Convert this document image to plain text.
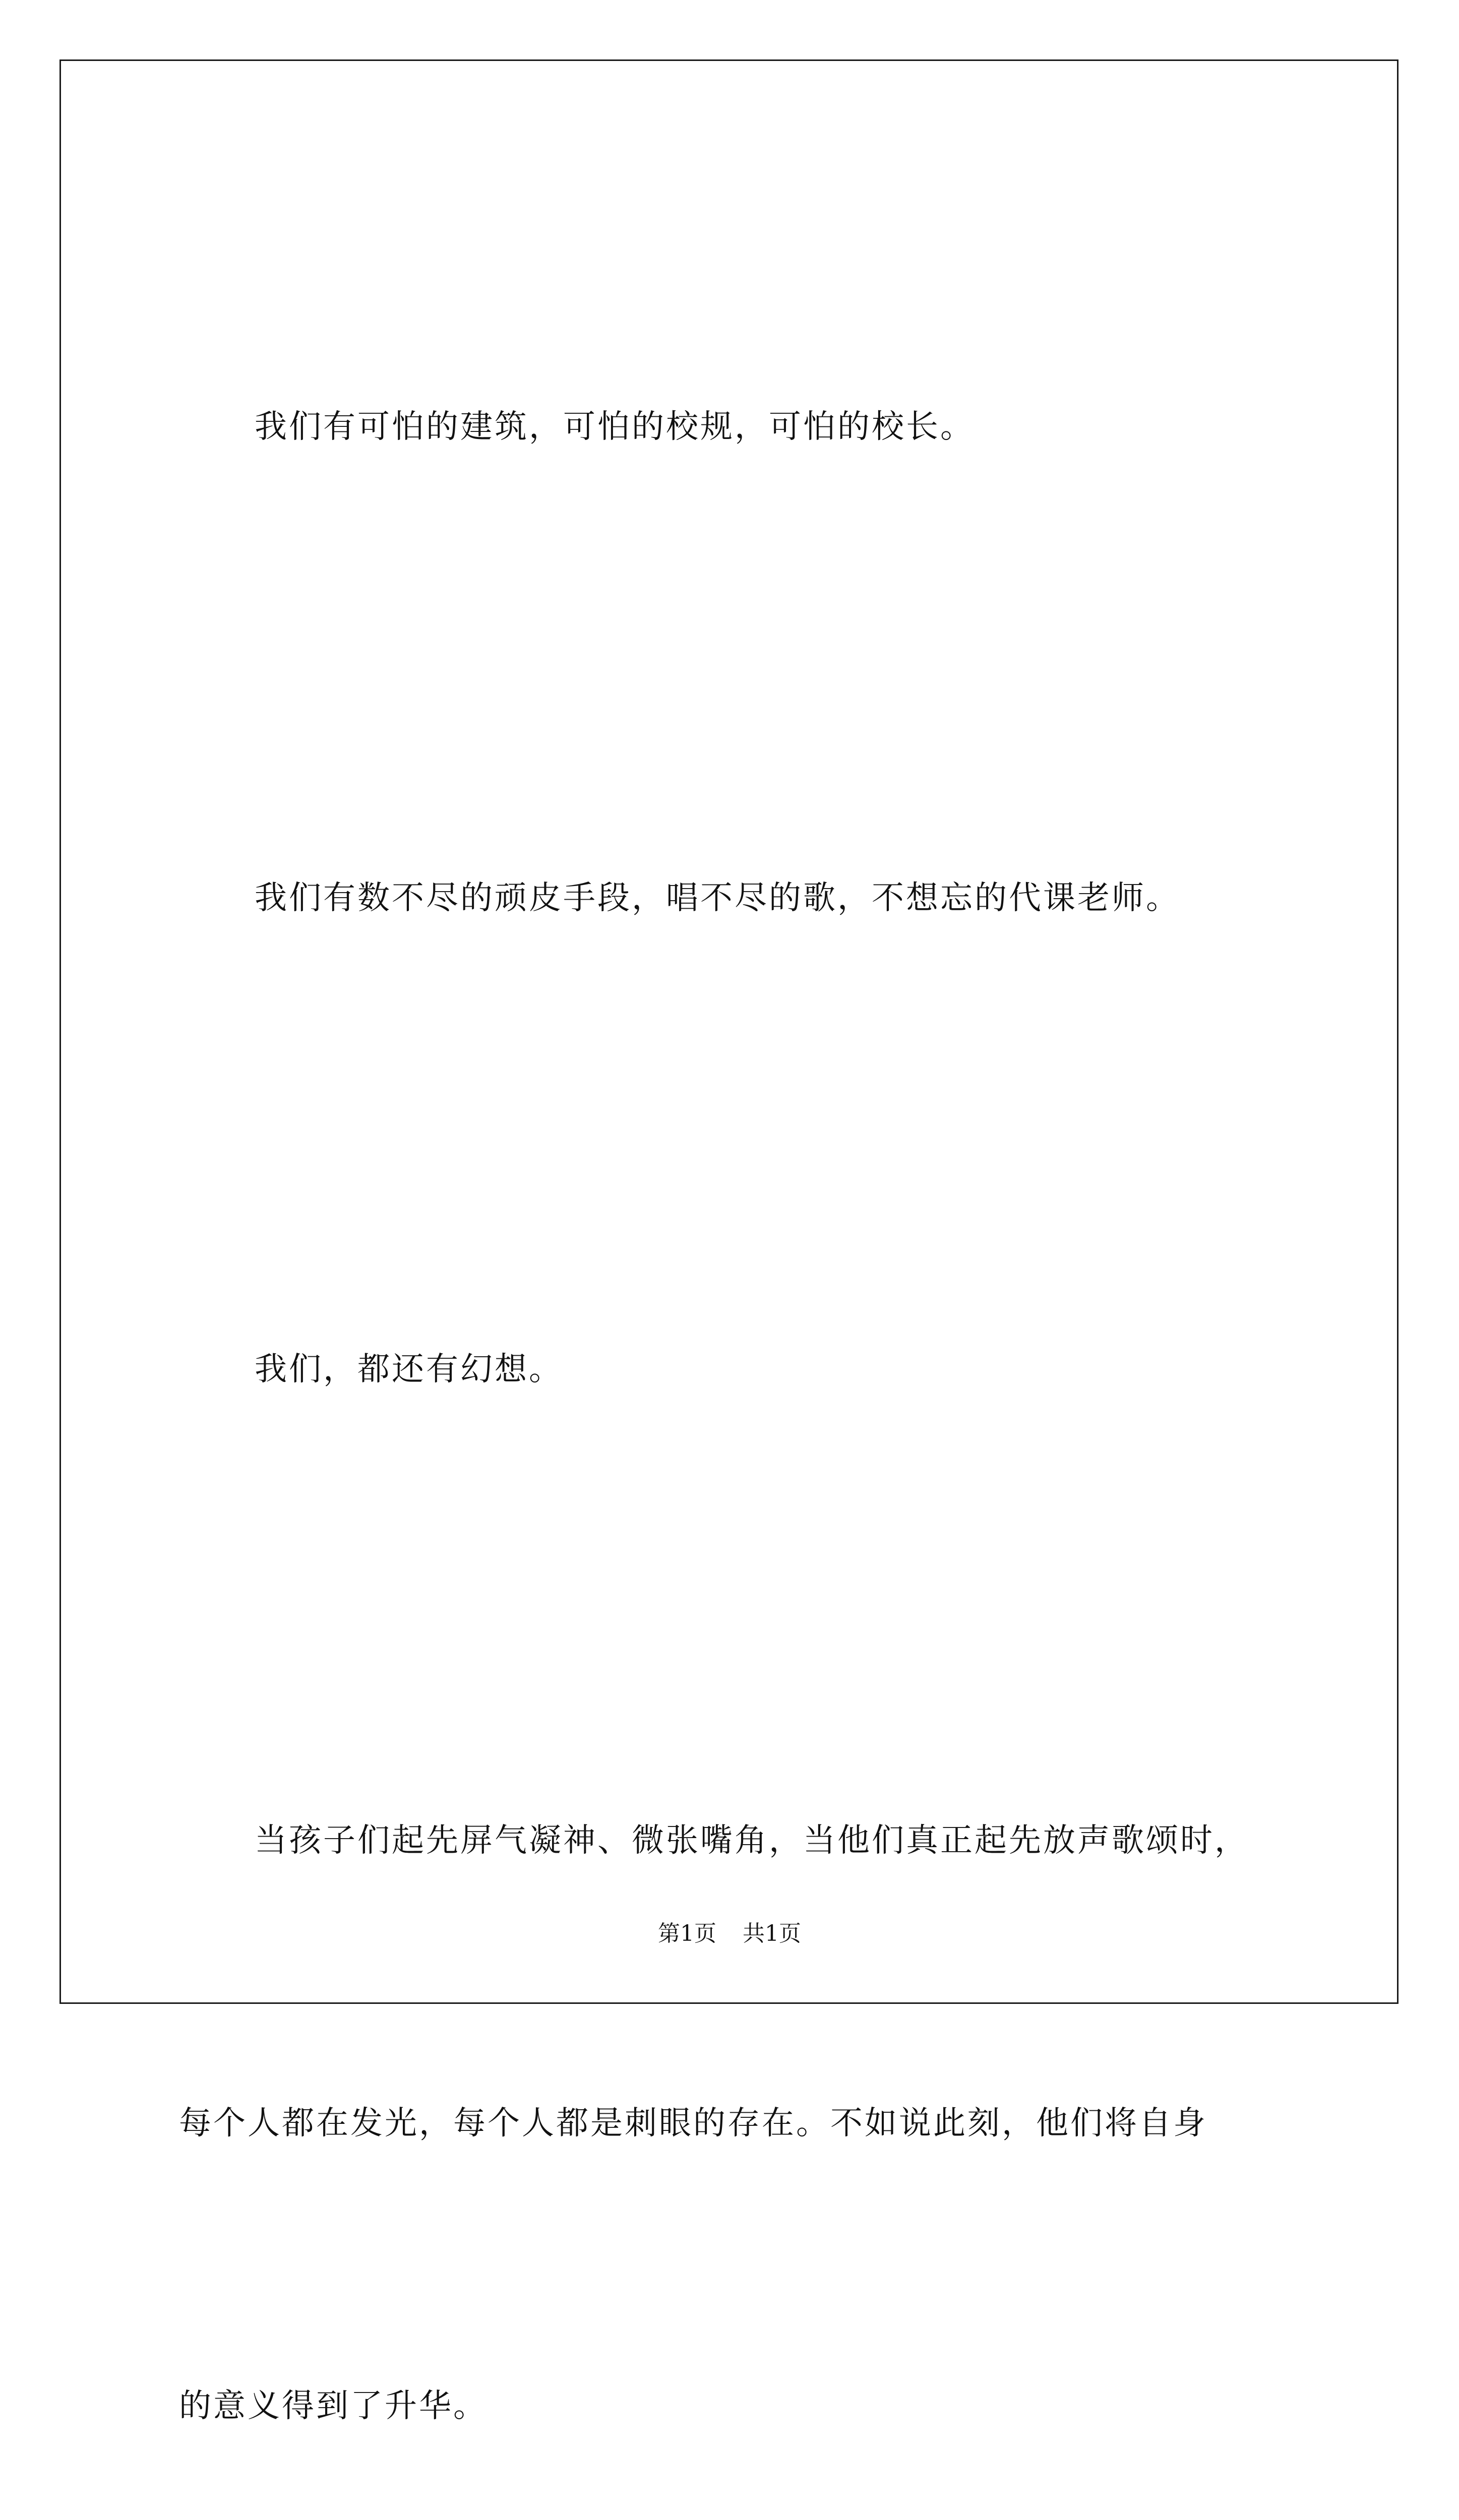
我们有可怕的建筑，可怕的校规，可怕的校长。

我们有数不尽的顽皮手段，唱不尽的歌，不想忘的代课老师。

我们，都还有幻想。

当孩子们起先屏气凝神、微张嘴角，当他们真正起先放声歌颂时，

每个人都在发光，每个人都是刺眼的存在。不如说此刻，他们将自身

的意义得到了升华。

第1页 共1页
